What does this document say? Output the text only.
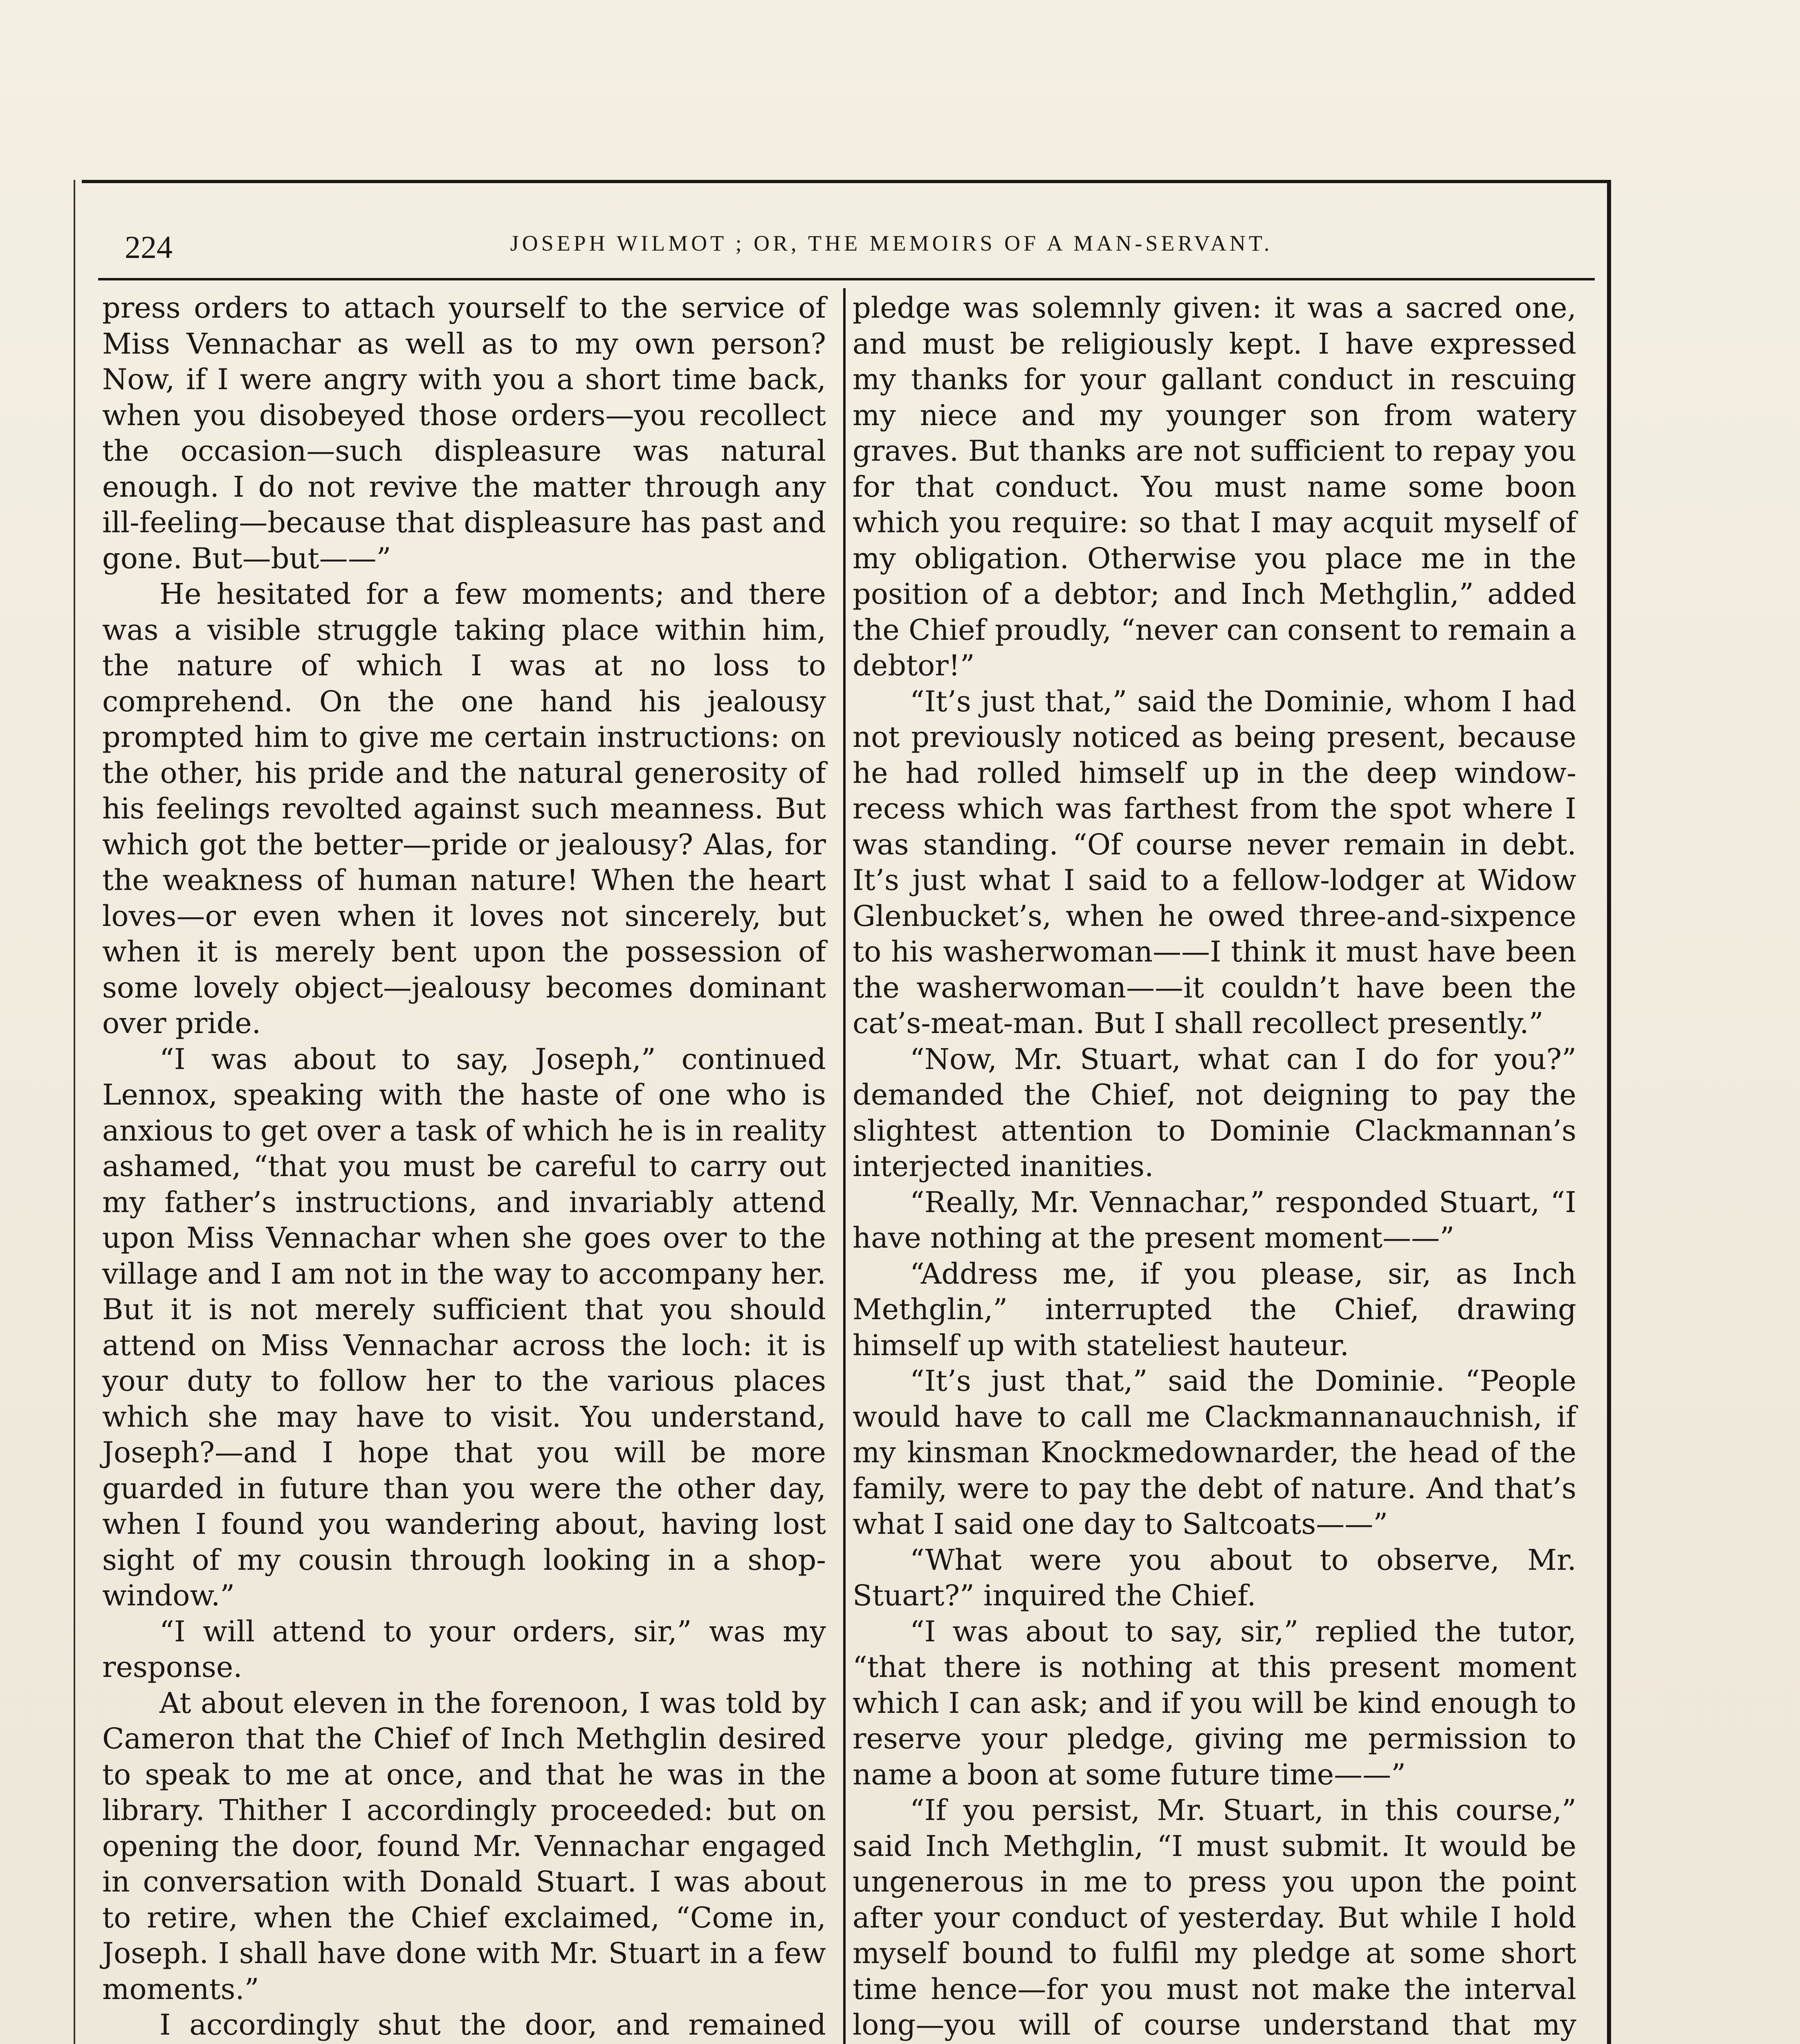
224	JOSEPH WILMOT ; OR, THE MEMOIRS OF A MAN-SERVANT.

press orders to attach yourself to the service of Miss Vennachar as well as to my own person? Now, if I were angry with you a short time back, when you disobeyed those orders—you recollect the occasion—such displeasure was natural enough. I do not revive the matter through any ill-feeling—because that displeasure has past and gone. But—but——”

He hesitated for a few moments; and there was a visible struggle taking place within him, the nature of which I was at no loss to comprehend. On the one hand his jealousy prompted him to give me certain instructions: on the other, his pride and the natural generosity of his feelings revolted against such meanness. But which got the better—pride or jealousy? Alas, for the weakness of human nature! When the heart loves—or even when it loves not sincerely, but when it is merely bent upon the possession of some lovely object—jealousy becomes dominant over pride.

“I was about to say, Joseph,” continued Lennox, speaking with the haste of one who is anxious to get over a task of which he is in reality ashamed, “that you must be careful to carry out my father’s instructions, and invariably attend upon Miss Vennachar when she goes over to the village and I am not in the way to accompany her. But it is not merely sufficient that you should attend on Miss Vennachar across the loch: it is your duty to follow her to the various places which she may have to visit. You understand, Joseph?—and I hope that you will be more guarded in future than you were the other day, when I found you wandering about, having lost sight of my cousin through looking in a shop-window.”

“I will attend to your orders, sir,” was my response.

At about eleven in the forenoon, I was told by Cameron that the Chief of Inch Methglin desired to speak to me at once, and that he was in the library. Thither I accordingly proceeded: but on opening the door, found Mr. Vennachar engaged in conversation with Donald Stuart. I was about to retire, when the Chief exclaimed, “Come in, Joseph. I shall have done with Mr. Stuart in a few moments.”

I accordingly shut the door, and remained

pledge was solemnly given: it was a sacred one, and must be religiously kept. I have expressed my thanks for your gallant conduct in rescuing my niece and my younger son from watery graves. But thanks are not sufficient to repay you for that conduct. You must name some boon which you require: so that I may acquit myself of my obligation. Otherwise you place me in the position of a debtor; and Inch Methglin,” added the Chief proudly, “never can consent to remain a debtor!”

“It’s just that,” said the Dominie, whom I had not previously noticed as being present, because he had rolled himself up in the deep window-recess which was farthest from the spot where I was standing. “Of course never remain in debt. It’s just what I said to a fellow-lodger at Widow Glenbucket’s, when he owed three-and-sixpence to his washerwoman——I think it must have been the washerwoman——it couldn’t have been the cat’s-meat-man. But I shall recollect presently.”

“Now, Mr. Stuart, what can I do for you?” demanded the Chief, not deigning to pay the slightest attention to Dominie Clackmannan’s interjected inanities.

“Really, Mr. Vennachar,” responded Stuart, “I have nothing at the present moment——”

“Address me, if you please, sir, as Inch Methglin,” interrupted the Chief, drawing himself up with stateliest hauteur.

“It’s just that,” said the Dominie. “People would have to call me Clackmannanauchnish, if my kinsman Knockmedownarder, the head of the family, were to pay the debt of nature. And that’s what I said one day to Saltcoats——”

“What were you about to observe, Mr. Stuart?” inquired the Chief.

“I was about to say, sir,” replied the tutor, “that there is nothing at this present moment which I can ask; and if you will be kind enough to reserve your pledge, giving me permission to name a boon at some future time——”

“If you persist, Mr. Stuart, in this course,” said Inch Methglin, “I must submit. It would be ungenerous in me to press you upon the point after your conduct of yesterday. But while I hold myself bound to fulfil my pledge at some short time hence—for you must not make the interval long—you will of course understand that my
